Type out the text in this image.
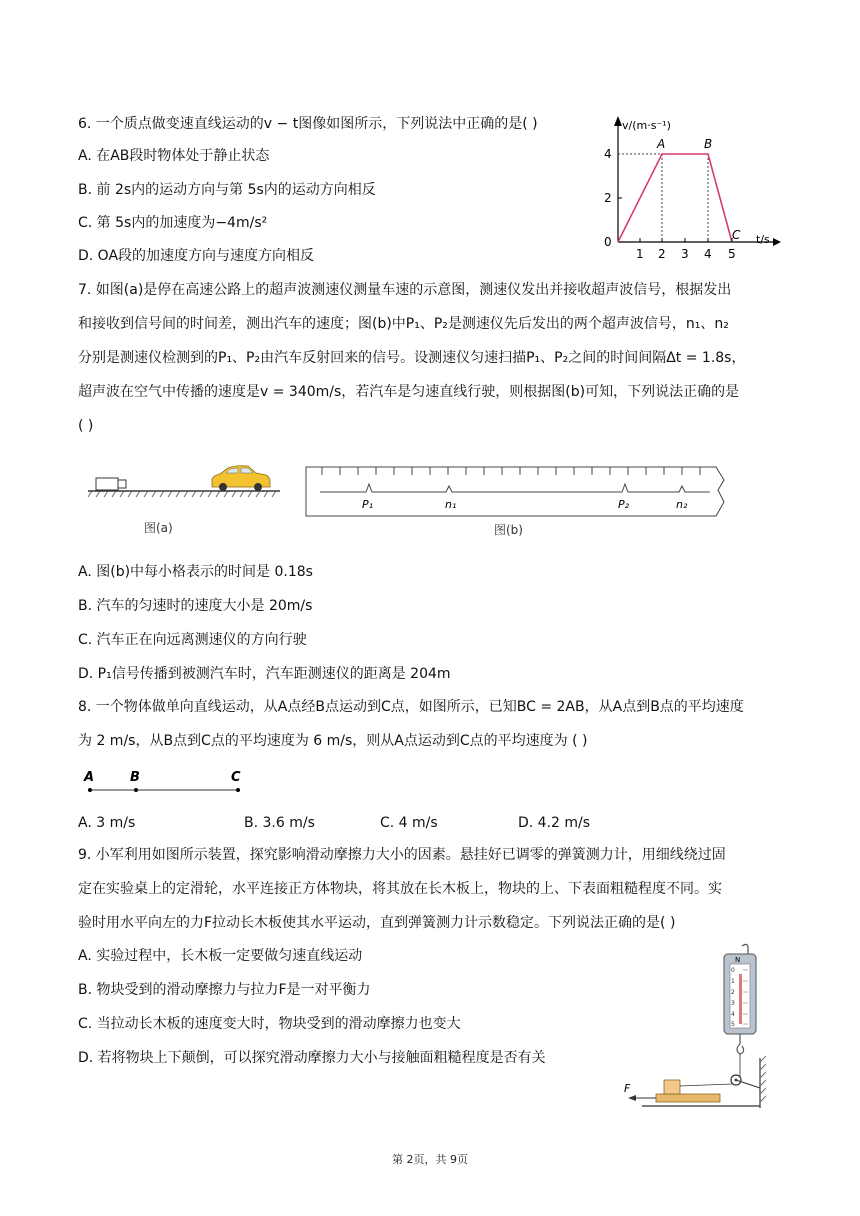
6. 一个质点做变速直线运动的v − t图像如图所示，下列说法中正确的是( )
A. 在AB段时物体处于静止状态
B. 前 2s内的运动方向与第 5s内的运动方向相反
C. 第 5s内的加速度为−4m/s²
D. OA段的加速度方向与速度方向相反
v/(m·s⁻¹)
t/s
4
2
0
1 2 3 4 5
A	B
C
7. 如图(a)是停在高速公路上的超声波测速仪测量车速的示意图，测速仪发出并接收超声波信号，根据发出
和接收到信号间的时间差，测出汽车的速度；图(b)中P₁、P₂是测速仪先后发出的两个超声波信号，n₁、n₂
分别是测速仪检测到的P₁、P₂由汽车反射回来的信号。设测速仪匀速扫描P₁、P₂之间的时间间隔Δt = 1.8s，
超声波在空气中传播的速度是v = 340m/s，若汽车是匀速直线行驶，则根据图(b)可知，下列说法正确的是
( )
图(a)
P₁	n₁	P₂	n₂
图(b)
A. 图(b)中每小格表示的时间是 0.18s
B. 汽车的匀速时的速度大小是 20m/s
C. 汽车正在向远离测速仪的方向行驶
D. P₁信号传播到被测汽车时，汽车距测速仪的距离是 204m
8. 一个物体做单向直线运动，从A点经B点运动到C点，如图所示，已知BC = 2AB，从A点到B点的平均速度
为 2 m/s，从B点到C点的平均速度为 6 m/s，则从A点运动到C点的平均速度为 ( )
A	B	C
A. 3 m/s	B. 3.6 m/s	C. 4 m/s	D. 4.2 m/s
9. 小军利用如图所示装置，探究影响滑动摩擦力大小的因素。悬挂好已调零的弹簧测力计，用细线绕过固
定在实验桌上的定滑轮，水平连接正方体物块，将其放在长木板上，物块的上、下表面粗糙程度不同。实
验时用水平向左的力F拉动长木板使其水平运动，直到弹簧测力计示数稳定。下列说法正确的是( )
A. 实验过程中，长木板一定要做匀速直线运动
B. 物块受到的滑动摩擦力与拉力F是一对平衡力
C. 当拉动长木板的速度变大时，物块受到的滑动摩擦力也变大
D. 若将物块上下颠倒，可以探究滑动摩擦力大小与接触面粗糙程度是否有关
N
0
1
2
3
4
5
F
第 2页，共 9页
